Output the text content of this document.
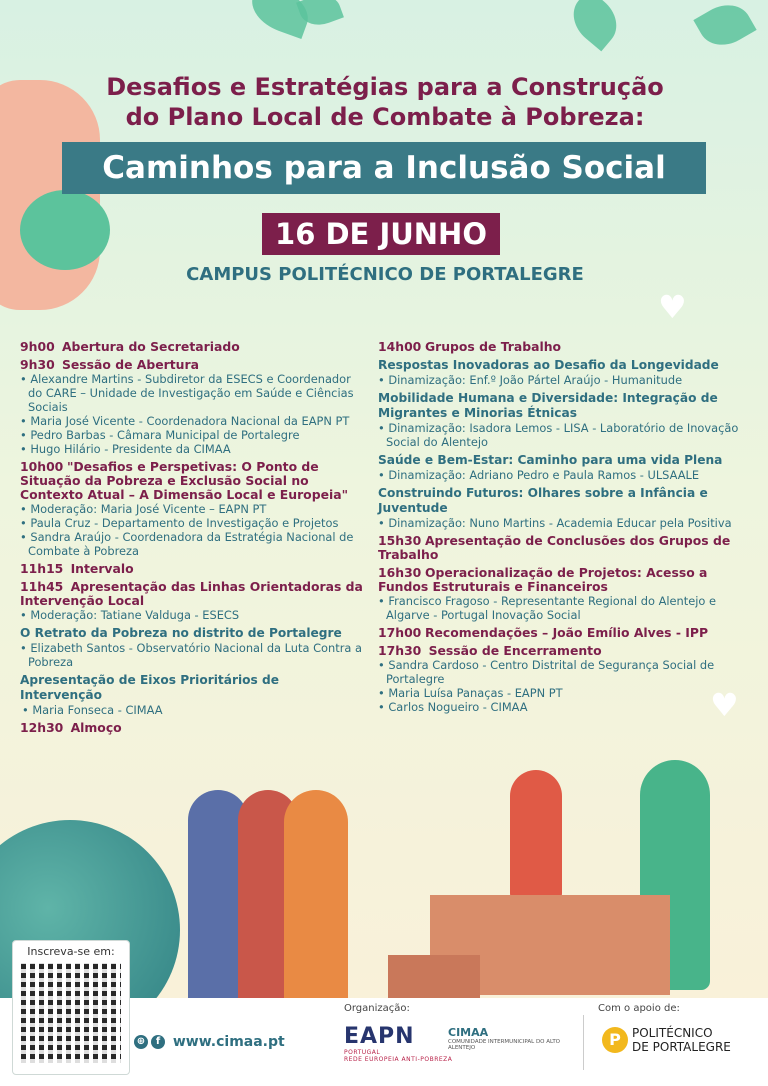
♥
♥
Desafios e Estratégias para a Construção
do Plano Local de Combate à Pobreza:
Caminhos para a Inclusão Social
16 DE JUNHO
CAMPUS POLITÉCNICO DE PORTALEGRE
9h00 Abertura do Secretariado
9h30 Sessão de Abertura
• Alexandre Martins - Subdiretor da ESECS e Coordenador do CARE – Unidade de Investigação em Saúde e Ciências Sociais
• Maria José Vicente - Coordenadora Nacional da EAPN PT
• Pedro Barbas - Câmara Municipal de Portalegre
• Hugo Hilário - Presidente da CIMAA
10h00 "Desafios e Perspetivas: O Ponto de Situação da Pobreza e Exclusão Social no Contexto Atual – A Dimensão Local e Europeia"
• Moderação: Maria José Vicente – EAPN PT
• Paula Cruz - Departamento de Investigação e Projetos
• Sandra Araújo - Coordenadora da Estratégia Nacional de Combate à Pobreza
11h15 Intervalo
11h45 Apresentação das Linhas Orientadoras da Intervenção Local
• Moderação: Tatiane Valduga - ESECS
O Retrato da Pobreza no distrito de Portalegre
• Elizabeth Santos - Observatório Nacional da Luta Contra a Pobreza
Apresentação de Eixos Prioritários de Intervenção
• Maria Fonseca - CIMAA
12h30 Almoço
14h00 Grupos de Trabalho
Respostas Inovadoras ao Desafio da Longevidade
• Dinamização: Enf.º João Pártel Araújo - Humanitude
Mobilidade Humana e Diversidade: Integração de Migrantes e Minorias Étnicas
• Dinamização: Isadora Lemos - LISA - Laboratório de Inovação Social do Alentejo
Saúde e Bem-Estar: Caminho para uma vida Plena
• Dinamização: Adriano Pedro e Paula Ramos - ULSAALE
Construindo Futuros: Olhares sobre a Infância e Juventude
• Dinamização: Nuno Martins - Academia Educar pela Positiva
15h30 Apresentação de Conclusões dos Grupos de Trabalho
16h30 Operacionalização de Projetos: Acesso a Fundos Estruturais e Financeiros
• Francisco Fragoso - Representante Regional do Alentejo e Algarve - Portugal Inovação Social
17h00 Recomendações – João Emílio Alves - IPP
17h30 Sessão de Encerramento
• Sandra Cardoso - Centro Distrital de Segurança Social de Portalegre
• Maria Luísa Panaças - EAPN PT
• Carlos Nogueiro - CIMAA
Inscreva-se em:
⊕ f www.cimaa.pt
Organização:	Com o apoio de:
EAPN
PORTUGAL
REDE EUROPEIA ANTI-POBREZA
CIMAA
COMUNIDADE INTERMUNICIPAL DO ALTO ALENTEJO	P POLITÉCNICO DE PORTALEGRE
